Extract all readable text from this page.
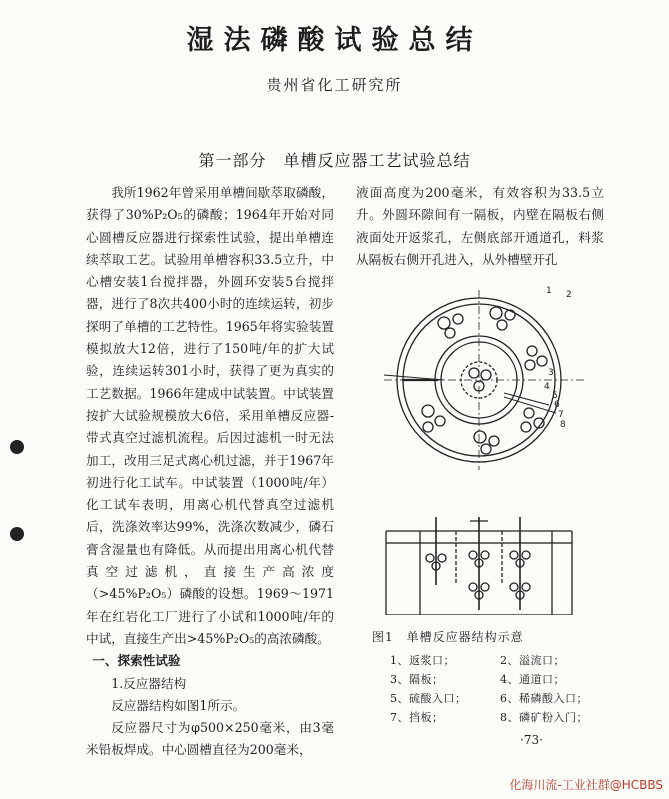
湿法磷酸试验总结
贵州省化工研究所
第一部分　单槽反应器工艺试验总结

我所1962年曾采用单槽间歇萃取磷酸，获得了30%P₂O₅的磷酸；1964年开始对同心圆槽反应器进行探索性试验，提出单槽连续萃取工艺。试验用单槽容积33.5立升，中心槽安装1台搅拌器，外圆环安装5台搅拌器，进行了8次共400小时的连续运转，初步探明了单槽的工艺特性。1965年将实验装置模拟放大12倍，进行了150吨/年的扩大试验，连续运转301小时，获得了更为真实的工艺数据。1966年建成中试装置。中试装置按扩大试验规模放大6倍，采用单槽反应器-带式真空过滤机流程。后因过滤机一时无法加工，改用三足式离心机过滤，并于1967年初进行化工试车。中试装置（1000吨/年）化工试车表明，用离心机代替真空过滤机后，洗涤效率达99%，洗涤次数减少，磷石膏含湿量也有降低。从而提出用离心机代替真空过滤机，直接生产高浓度（>45%P₂O₅）磷酸的设想。1969～1971年在红岩化工厂进行了小试和1000吨/年的中试，直接生产出>45%P₂O₅的高浓磷酸。

一、探索性试验

1.反应器结构

反应器结构如图1所示。

反应器尺寸为φ500×250毫米，由3毫米铅板焊成。中心圆槽直径为200毫米，

液面高度为200毫米，有效容积为33.5立升。外圆环隙间有一隔板，内壁在隔板右侧液面处开返浆孔，左侧底部开通道孔，料浆从隔板右侧开孔进入，从外槽壁开孔

2
1
3
4
5
6
7
8
图1　单槽反应器结构示意
1、返浆口；	2、溢流口；
3、隔板；	4、通道口；
5、硫酸入口；	6、稀磷酸入口；
7、挡板；	8、磷矿粉入门；
·73·
化海川流-工业社群@HCBBS
